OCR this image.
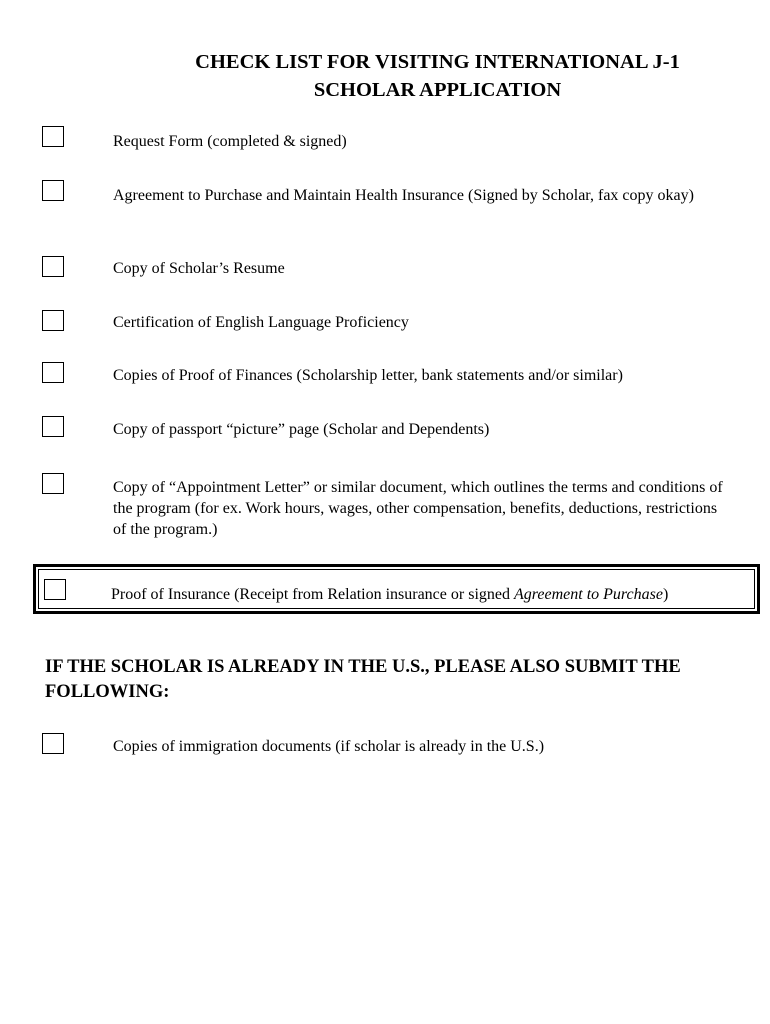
CHECK LIST FOR VISITING INTERNATIONAL J-1
SCHOLAR APPLICATION
Request Form (completed & signed)
Agreement to Purchase and Maintain Health Insurance (Signed by Scholar, fax copy okay)
Copy of Scholar’s Resume
Certification of English Language Proficiency
Copies of Proof of Finances (Scholarship letter, bank statements and/or similar)
Copy of passport “picture” page (Scholar and Dependents)
Copy of “Appointment Letter” or similar document, which outlines the terms and conditions of the program (for ex. Work hours, wages, other compensation, benefits, deductions, restrictions of the program.)
Proof of Insurance (Receipt from Relation insurance or signed Agreement to Purchase)
IF THE SCHOLAR IS ALREADY IN THE U.S., PLEASE ALSO SUBMIT THE FOLLOWING:
Copies of immigration documents (if scholar is already in the U.S.)
